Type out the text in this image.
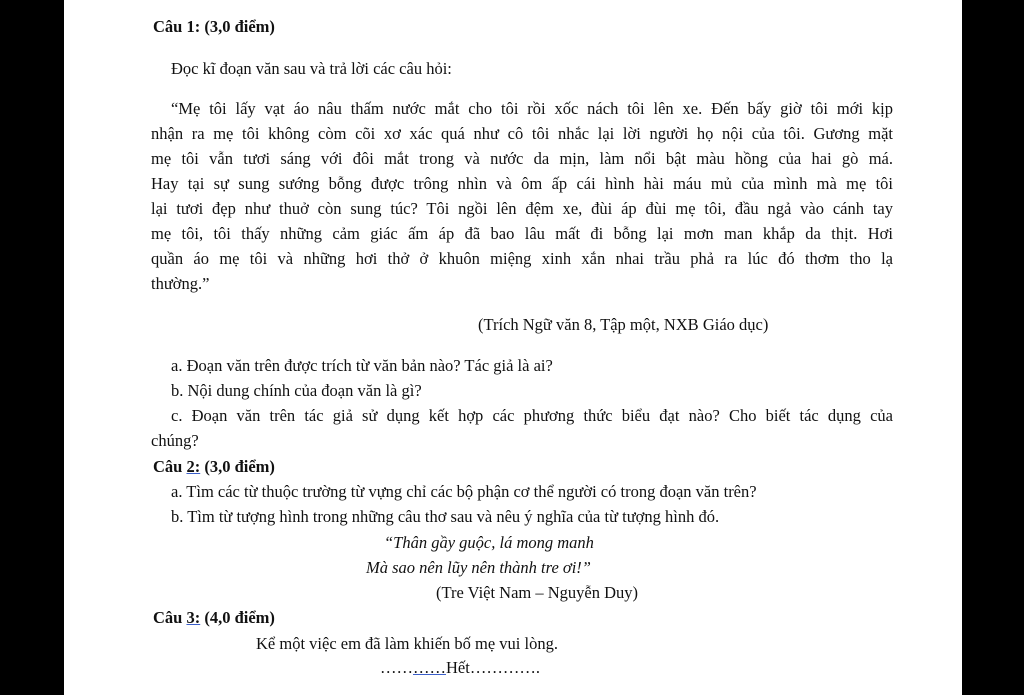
Câu 1: (3,0 điểm)
Đọc kĩ đoạn văn sau và trả lời các câu hỏi:
“Mẹ tôi lấy vạt áo nâu thấm nước mắt cho tôi rồi xốc nách tôi lên xe. Đến bấy giờ tôi mới kịp
nhận ra mẹ tôi không còm cõi xơ xác quá như cô tôi nhắc lại lời người họ nội của tôi. Gương mặt
mẹ tôi vẫn tươi sáng với đôi mắt trong và nước da mịn, làm nổi bật màu hồng của hai gò má.
Hay tại sự sung sướng bỗng được trông nhìn và ôm ấp cái hình hài máu mủ của mình mà mẹ tôi
lại tươi đẹp như thuở còn sung túc? Tôi ngồi lên đệm xe, đùi áp đùi mẹ tôi, đầu ngả vào cánh tay
mẹ tôi, tôi thấy những cảm giác ấm áp đã bao lâu mất đi bỗng lại mơn man khắp da thịt. Hơi
quần áo mẹ tôi và những hơi thở ở khuôn miệng xinh xắn nhai trầu phả ra lúc đó thơm tho lạ
thường.”
(Trích Ngữ văn 8, Tập một, NXB Giáo dục)
a. Đoạn văn trên được trích từ văn bản nào? Tác giả là ai?
b. Nội dung chính của đoạn văn là gì?
c. Đoạn văn trên tác giả sử dụng kết hợp các phương thức biểu đạt nào? Cho biết tác dụng của
chúng?
Câu 2: (3,0 điểm)
a. Tìm các từ thuộc trường từ vựng chỉ các bộ phận cơ thể người có trong đoạn văn trên?
b. Tìm từ tượng hình trong những câu thơ sau và nêu ý nghĩa của từ tượng hình đó.
“Thân gầy guộc, lá mong manh
Mà sao nên lũy nên thành tre ơi!”
(Tre Việt Nam – Nguyễn Duy)
Câu 3: (4,0 điểm)
Kể một việc em đã làm khiến bố mẹ vui lòng.
…………Hết………….
